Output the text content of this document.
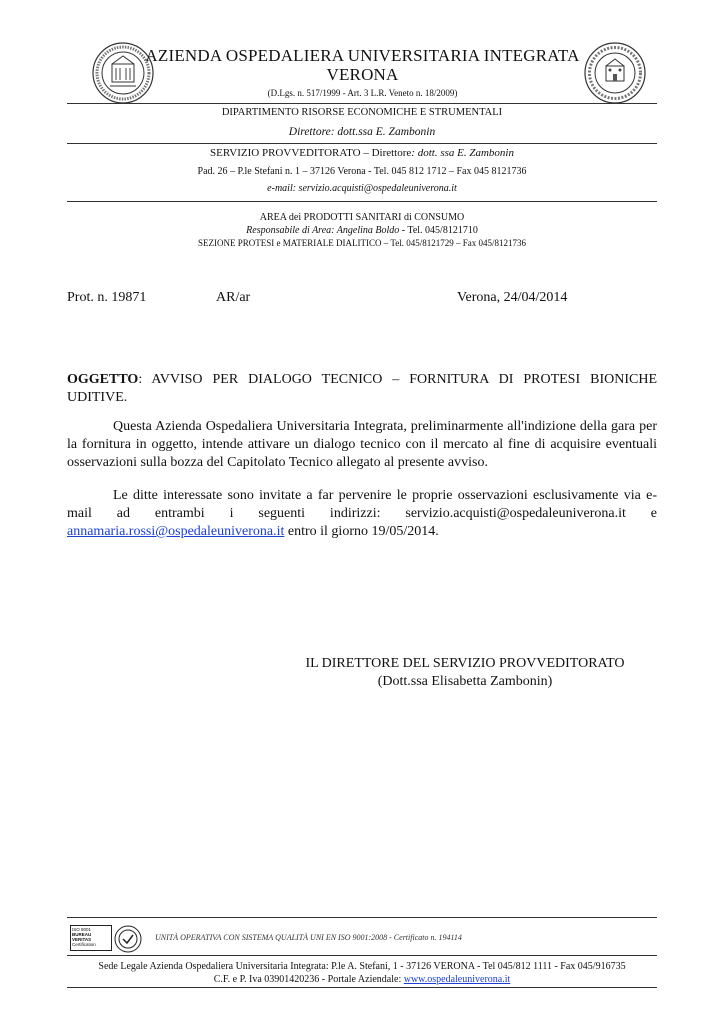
AZIENDA OSPEDALIERA UNIVERSITARIA INTEGRATA
VERONA
(D.Lgs. n. 517/1999 - Art. 3 L.R. Veneto n. 18/2009)
DIPARTIMENTO RISORSE ECONOMICHE E STRUMENTALI
Direttore: dott.ssa E. Zambonin
SERVIZIO PROVVEDITORATO – Direttore: dott. ssa E. Zambonin
Pad. 26 – P.le Stefani n. 1 – 37126 Verona - Tel. 045 812 1712 – Fax 045 8121736
e-mail: servizio.acquisti@ospedaleuniverona.it
AREA dei PRODOTTI SANITARI di CONSUMO
Responsabile di Area: Angelina Boldo - Tel. 045/8121710
SEZIONE PROTESI e MATERIALE DIALITICO – Tel. 045/8121729 – Fax 045/8121736
Prot. n. 19871	AR/ar	Verona, 24/04/2014
OGGETTO: AVVISO PER DIALOGO TECNICO – FORNITURA DI PROTESI BIONICHE UDITIVE.
Questa Azienda Ospedaliera Universitaria Integrata, preliminarmente all'indizione della gara per la fornitura in oggetto, intende attivare un dialogo tecnico con il mercato al fine di acquisire eventuali osservazioni sulla bozza del Capitolato Tecnico allegato al presente avviso.
Le ditte interessate sono invitate a far pervenire le proprie osservazioni esclusivamente via e-mail ad entrambi i seguenti indirizzi: servizio.acquisti@ospedaleuniverona.it e annamaria.rossi@ospedaleuniverona.it entro il giorno 19/05/2014.
IL DIRETTORE DEL SERVIZIO PROVVEDITORATO
(Dott.ssa Elisabetta Zambonin)
ISO 9001
BUREAU VERITAS
Certification
UNITÀ OPERATIVA CON SISTEMA QUALITÀ UNI EN ISO 9001:2008 - Certificato n. 194114
Sede Legale Azienda Ospedaliera Universitaria Integrata: P.le A. Stefani, 1 - 37126 VERONA - Tel 045/812 1111 - Fax 045/916735
C.F. e P. Iva 03901420236 - Portale Aziendale: www.ospedaleuniverona.it
